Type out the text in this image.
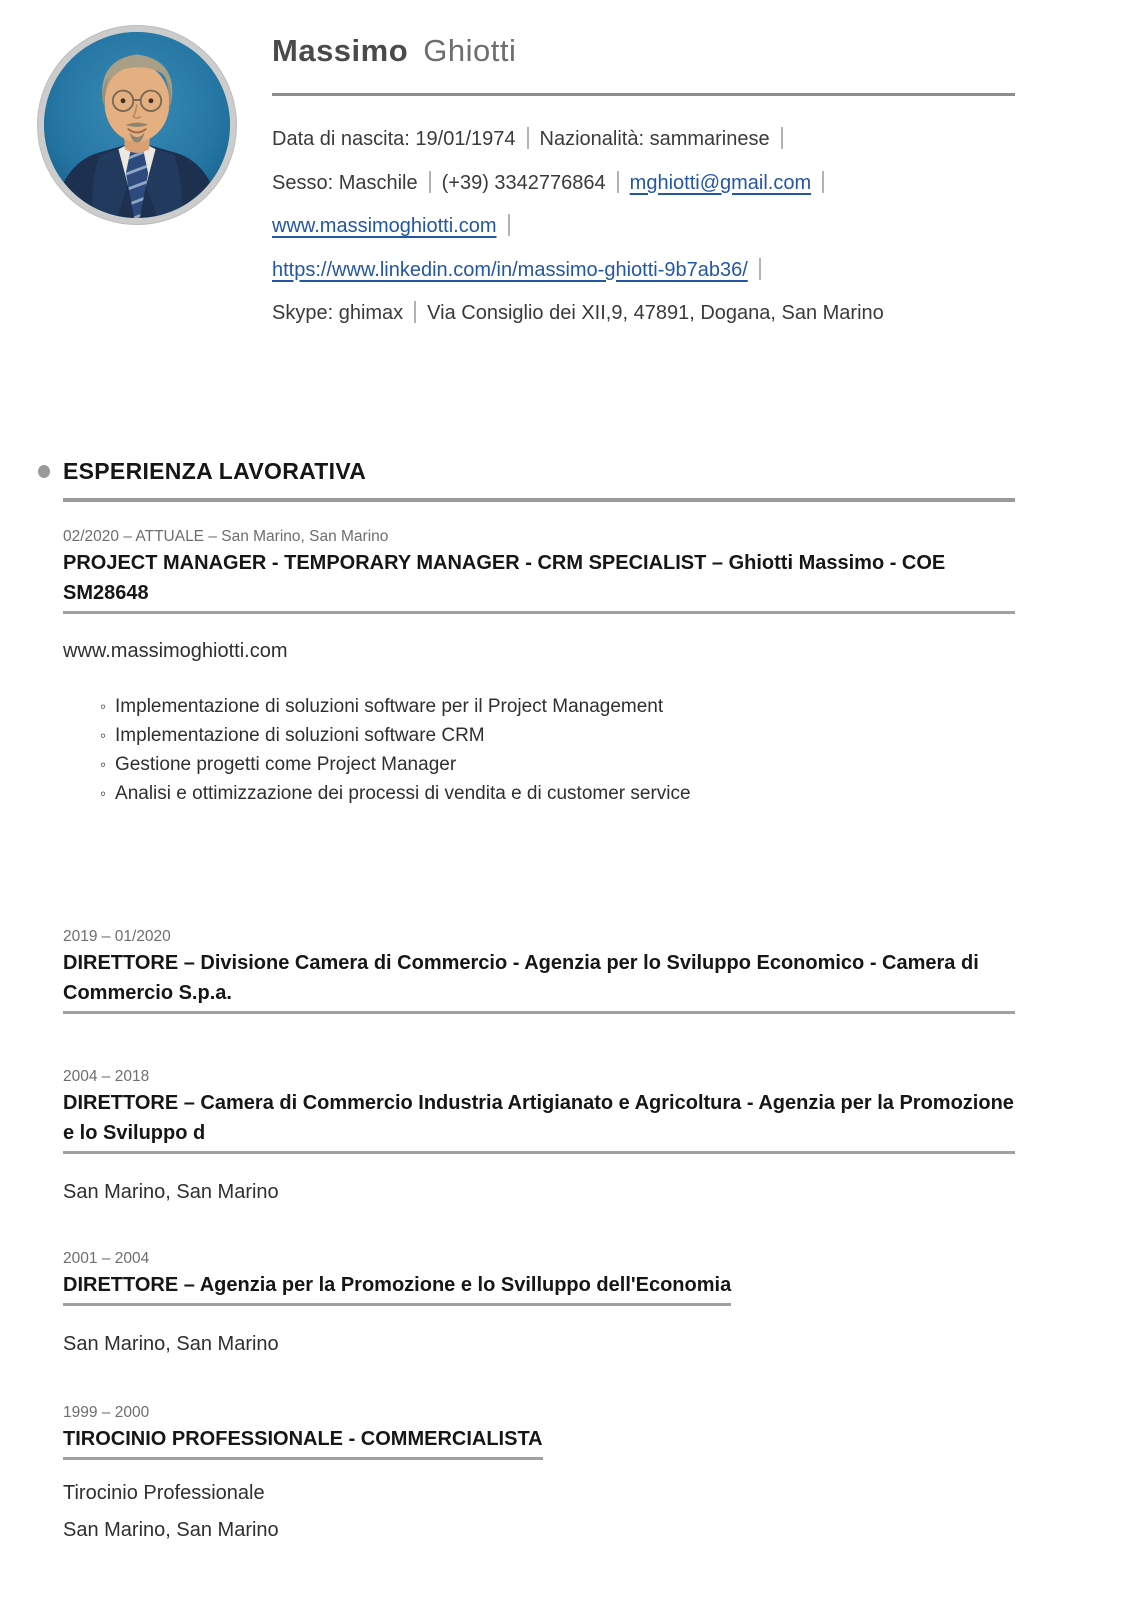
Massimo Ghiotti

Data di nascita: 19/01/1974 Nazionalità: sammarinese

Sesso: Maschile (+39) 3342776864 mghiotti@gmail.com

www.massimoghiotti.com

https://www.linkedin.com/in/massimo-ghiotti-9b7ab36/

Skype: ghimax Via Consiglio dei XII,9, 47891, Dogana, San Marino

ESPERIENZA LAVORATIVA

02/2020 – ATTUALE – San Marino, San Marino

PROJECT MANAGER - TEMPORARY MANAGER - CRM SPECIALIST – Ghiotti Massimo - COE SM28648

www.massimoghiotti.com

◦ Implementazione di soluzioni software per il Project Management
◦ Implementazione di soluzioni software CRM
◦ Gestione progetti come Project Manager
◦ Analisi e ottimizzazione dei processi di vendita e di customer service

2019 – 01/2020

DIRETTORE – Divisione Camera di Commercio - Agenzia per lo Sviluppo Economico - Camera di Commercio S.p.a.

2004 – 2018

DIRETTORE – Camera di Commercio Industria Artigianato e Agricoltura - Agenzia per la Promozione e lo Sviluppo d

San Marino, San Marino

2001 – 2004

DIRETTORE – Agenzia per la Promozione e lo Svilluppo dell'Economia

San Marino, San Marino

1999 – 2000

TIROCINIO PROFESSIONALE - COMMERCIALISTA

Tirocinio Professionale

San Marino, San Marino
